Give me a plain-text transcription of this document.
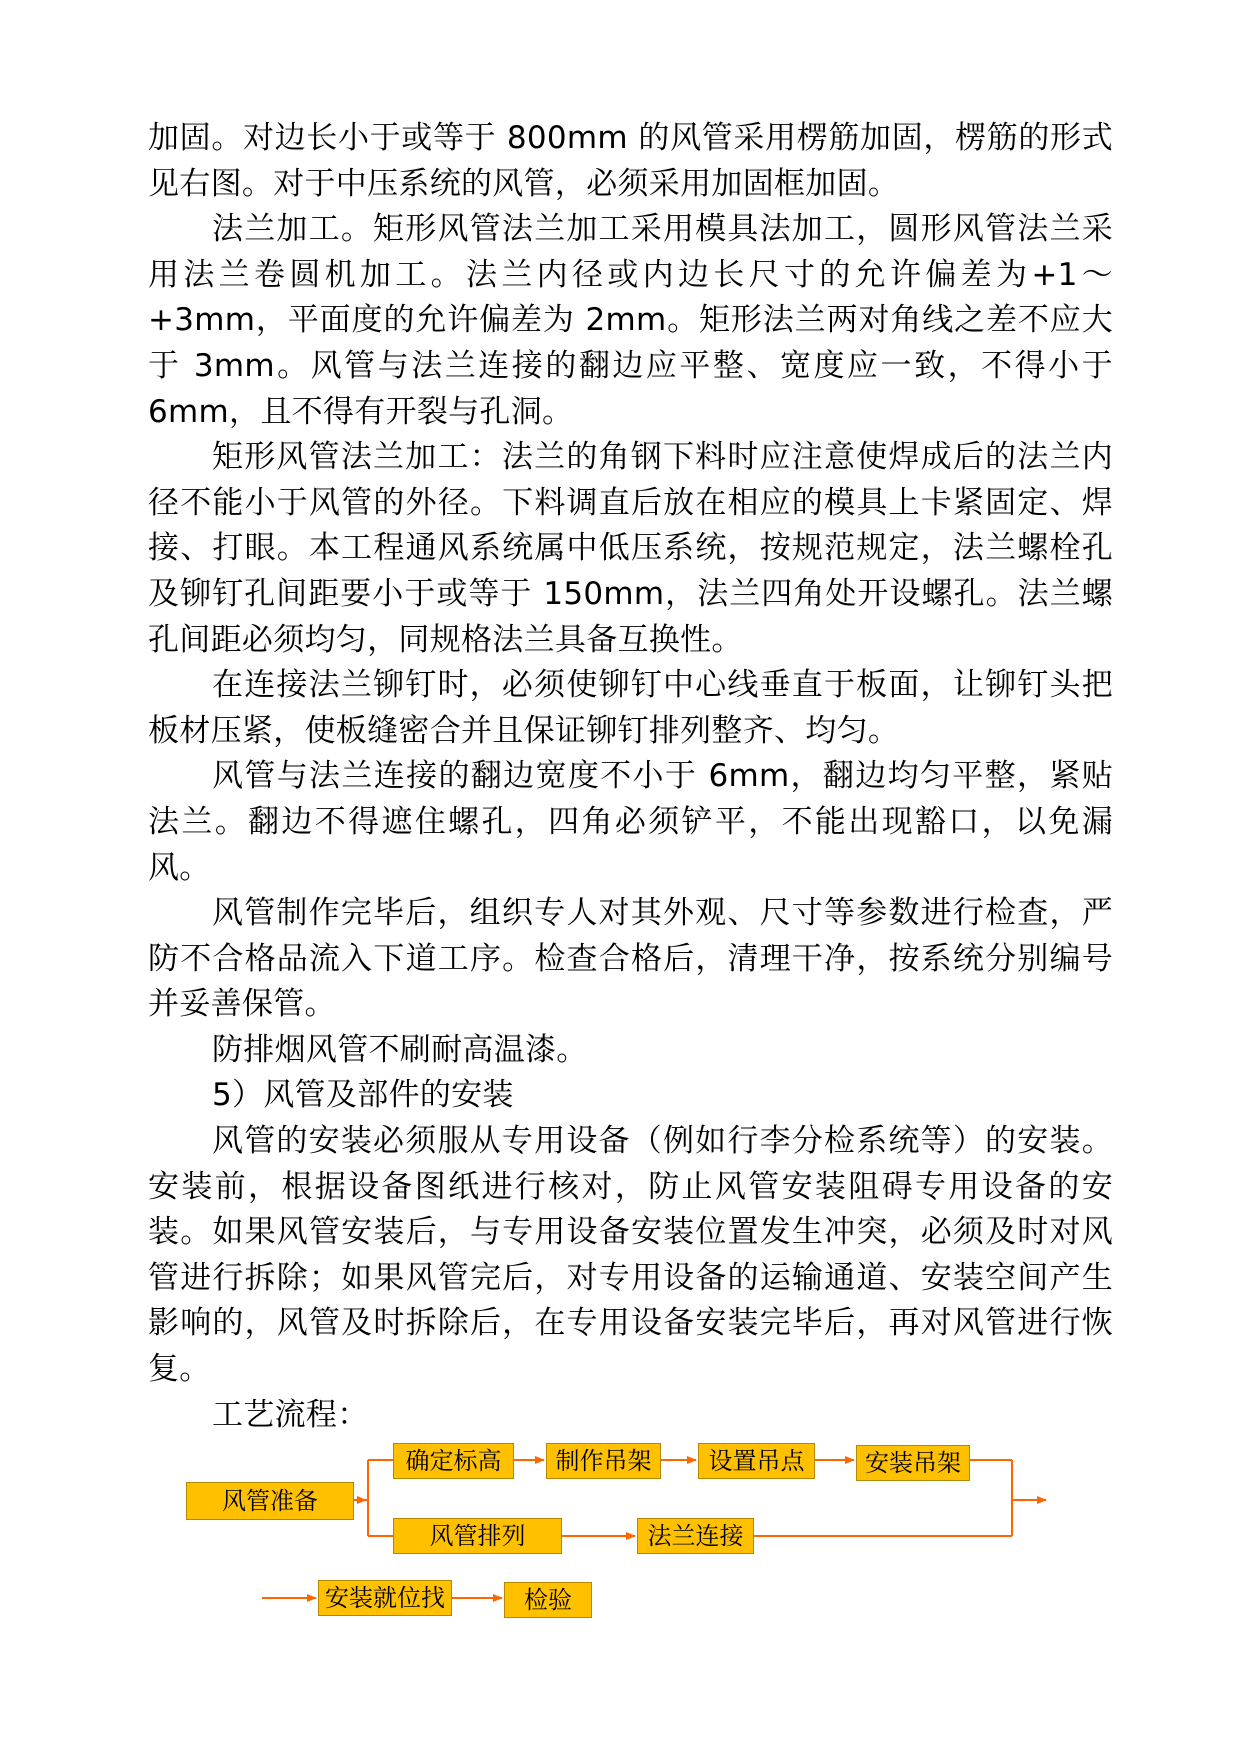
加固。对边长小于或等于 800mm 的风管采用楞筋加固，楞筋的形式见右图。对于中压系统的风管，必须采用加固框加固。

法兰加工。矩形风管法兰加工采用模具法加工，圆形风管法兰采用法兰卷圆机加工。法兰内径或内边长尺寸的允许偏差为+1～+3mm，平面度的允许偏差为 2mm。矩形法兰两对角线之差不应大于 3mm。风管与法兰连接的翻边应平整、宽度应一致，不得小于 6mm，且不得有开裂与孔洞。

矩形风管法兰加工：法兰的角钢下料时应注意使焊成后的法兰内径不能小于风管的外径。下料调直后放在相应的模具上卡紧固定、焊接、打眼。本工程通风系统属中低压系统，按规范规定，法兰螺栓孔及铆钉孔间距要小于或等于 150mm，法兰四角处开设螺孔。法兰螺孔间距必须均匀，同规格法兰具备互换性。

在连接法兰铆钉时，必须使铆钉中心线垂直于板面，让铆钉头把板材压紧，使板缝密合并且保证铆钉排列整齐、均匀。

风管与法兰连接的翻边宽度不小于 6mm，翻边均匀平整，紧贴法兰。翻边不得遮住螺孔，四角必须铲平，不能出现豁口，以免漏风。

风管制作完毕后，组织专人对其外观、尺寸等参数进行检查，严防不合格品流入下道工序。检查合格后，清理干净，按系统分别编号并妥善保管。

防排烟风管不刷耐高温漆。

5）风管及部件的安装

风管的安装必须服从专用设备（例如行李分检系统等）的安装。安装前，根据设备图纸进行核对，防止风管安装阻碍专用设备的安装。如果风管安装后，与专用设备安装位置发生冲突，必须及时对风管进行拆除；如果风管完后，对专用设备的运输通道、安装空间产生影响的，风管及时拆除后，在专用设备安装完毕后，再对风管进行恢复。

工艺流程：

风管准备
确定标高	制作吊架	设置吊点	安装吊架
风管排列	法兰连接
安装就位找	检验
